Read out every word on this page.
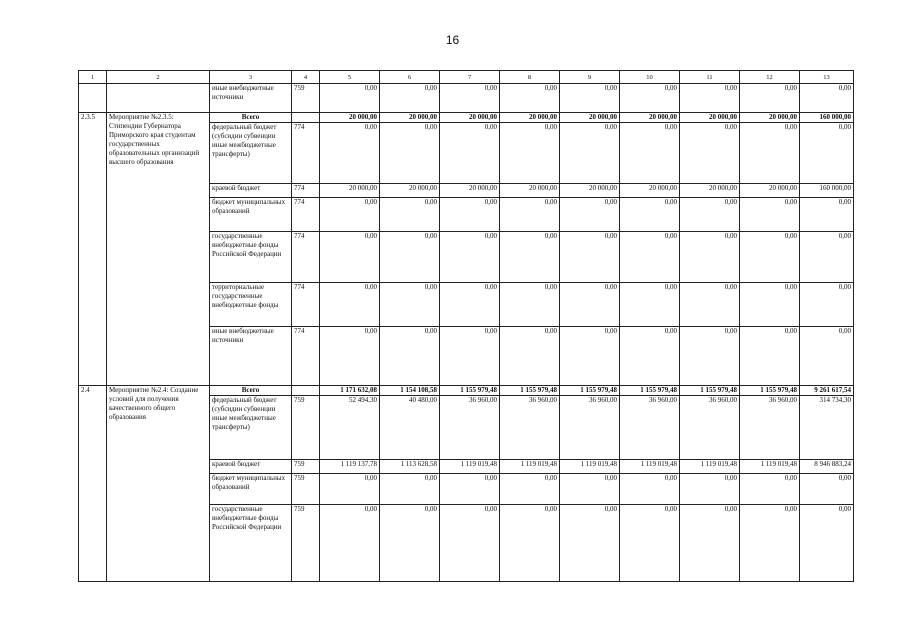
16
1	2	3	4	5	6	7	8	9	10	11	12	13
		иные внебюджетные источники	759	0,00	0,00	0,00	0,00	0,00	0,00	0,00	0,00	0,00
2.3.5	Мероприятие №2.3.5: Стипендии Губернатора Приморского края студентам государственных образовательных организаций высшего образования	Всего		20 000,00	20 000,00	20 000,00	20 000,00	20 000,00	20 000,00	20 000,00	20 000,00	160 000,00
		федеральный бюджет (субсидии субвенции иные межбюджетные трансферты)	774	0,00	0,00	0,00	0,00	0,00	0,00	0,00	0,00	0,00
		краевой бюджет	774	20 000,00	20 000,00	20 000,00	20 000,00	20 000,00	20 000,00	20 000,00	20 000,00	160 000,00
		бюджет муниципальных образований	774	0,00	0,00	0,00	0,00	0,00	0,00	0,00	0,00	0,00
		государственные внебюджетные фонды Российской Федерации	774	0,00	0,00	0,00	0,00	0,00	0,00	0,00	0,00	0,00
		территориальные государственные внебюджетные фонды	774	0,00	0,00	0,00	0,00	0,00	0,00	0,00	0,00	0,00
		иные внебюджетные источники	774	0,00	0,00	0,00	0,00	0,00	0,00	0,00	0,00	0,00
2.4	Мероприятие №2.4: Создание условий для получения качественного общего образования	Всего		1 171 632,08	1 154 108,58	1 155 979,48	1 155 979,48	1 155 979,48	1 155 979,48	1 155 979,48	1 155 979,48	9 261 617,54
		федеральный бюджет (субсидии субвенции иные межбюджетные трансферты)	759	52 494,30	40 480,00	36 960,00	36 960,00	36 960,00	36 960,00	36 960,00	36 960,00	314 734,30
		краевой бюджет	759	1 119 137,78	1 113 628,58	1 119 019,48	1 119 019,48	1 119 019,48	1 119 019,48	1 119 019,48	1 119 019,48	8 946 883,24
		бюджет муниципальных образований	759	0,00	0,00	0,00	0,00	0,00	0,00	0,00	0,00	0,00
		государственные внебюджетные фонды Российской Федерации	759	0,00	0,00	0,00	0,00	0,00	0,00	0,00	0,00	0,00
